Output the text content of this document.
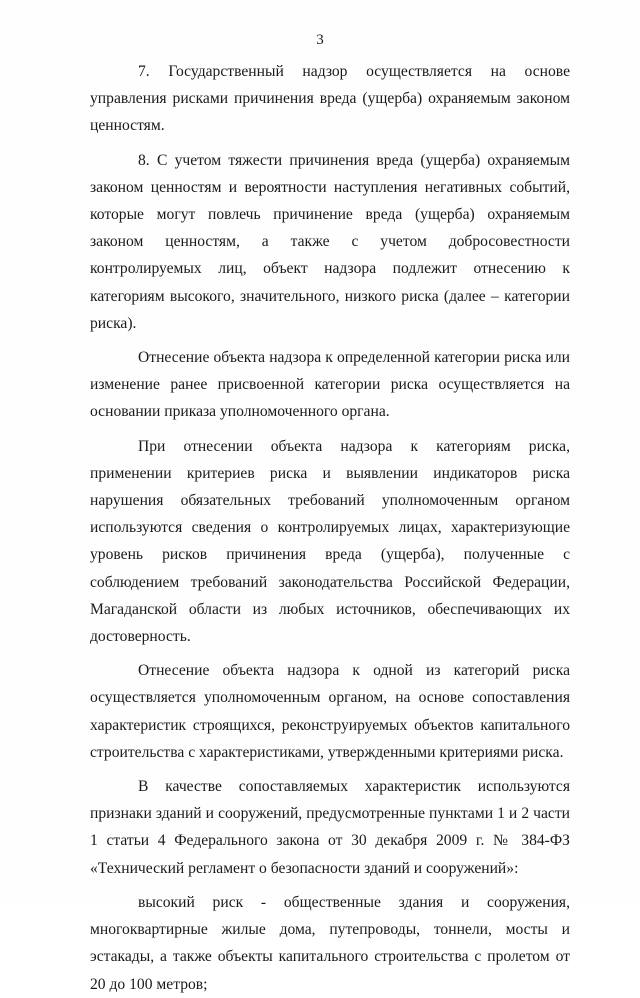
3

7. Государственный надзор осуществляется на основе управления рисками причинения вреда (ущерба) охраняемым законом ценностям.

8. С учетом тяжести причинения вреда (ущерба) охраняемым законом ценностям и вероятности наступления негативных событий, которые могут повлечь причинение вреда (ущерба) охраняемым законом ценностям, а также с учетом добросовестности контролируемых лиц, объект надзора подлежит отнесению к категориям высокого, значительного, низкого риска (далее – категории риска).

Отнесение объекта надзора к определенной категории риска или изменение ранее присвоенной категории риска осуществляется на основании приказа уполномоченного органа.

При отнесении объекта надзора к категориям риска, применении критериев риска и выявлении индикаторов риска нарушения обязательных требований уполномоченным органом используются сведения о контролируемых лицах, характеризующие уровень рисков причинения вреда (ущерба), полученные с соблюдением требований законодательства Российской Федерации, Магаданской области из любых источников, обеспечивающих их достоверность.

Отнесение объекта надзора к одной из категорий риска осуществляется уполномоченным органом, на основе сопоставления характеристик строящихся, реконструируемых объектов капитального строительства с характеристиками, утвержденными критериями риска.

В качестве сопоставляемых характеристик используются признаки зданий и сооружений, предусмотренные пунктами 1 и 2 части 1 статьи 4 Федерального закона от 30 декабря 2009 г. № 384-ФЗ «Технический регламент о безопасности зданий и сооружений»:

высокий риск - общественные здания и сооружения, многоквартирные жилые дома, путепроводы, тоннели, мосты и эстакады, а также объекты капитального строительства с пролетом от 20 до 100 метров;
